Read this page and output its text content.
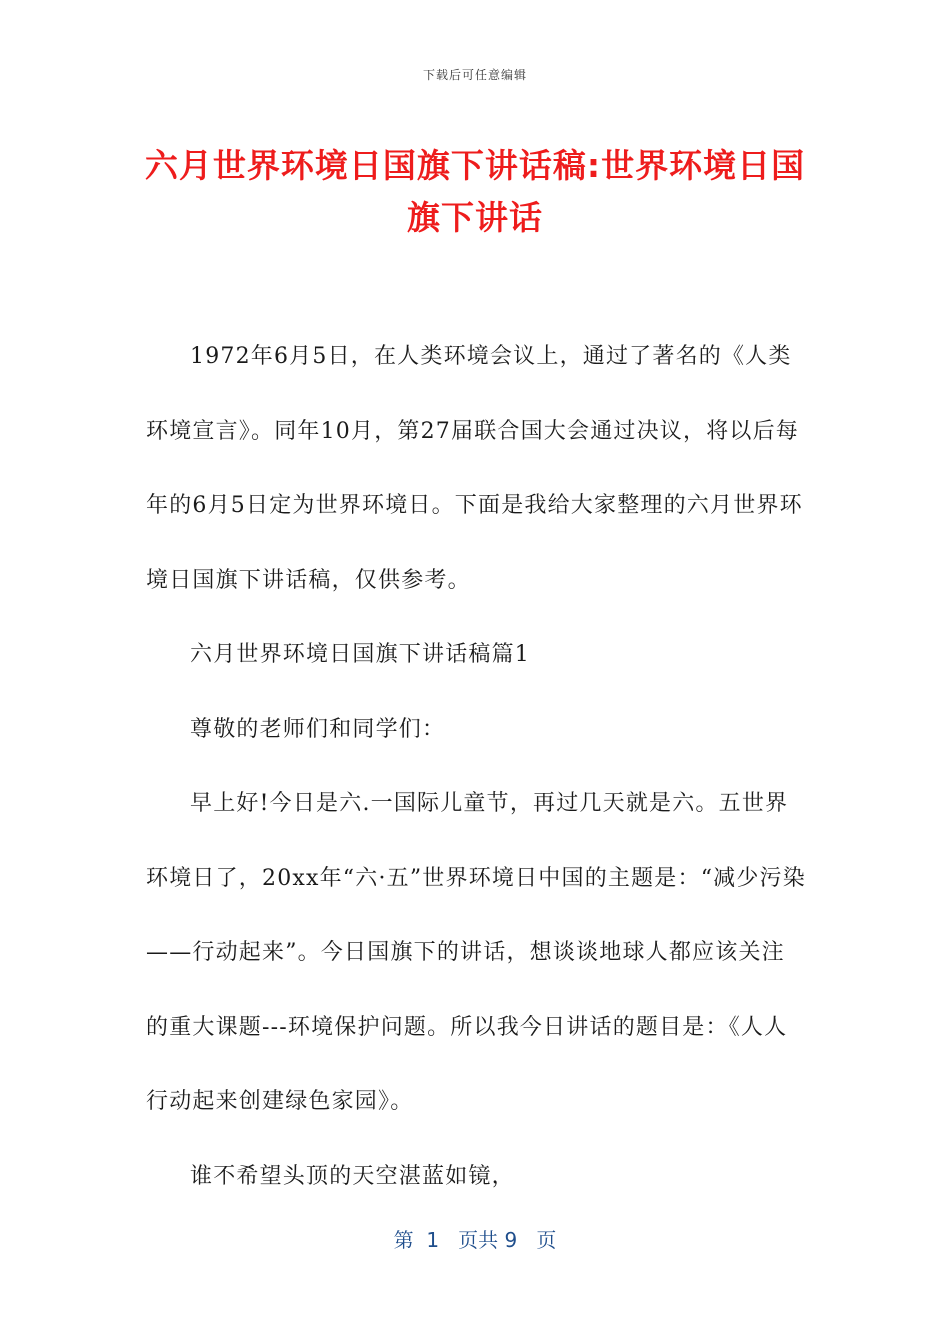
下载后可任意编辑
六月世界环境日国旗下讲话稿:世界环境日国旗下讲话

1972年6月5日，在人类环境会议上，通过了著名的《人类环境宣言》。同年10月，第27届联合国大会通过决议，将以后每年的6月5日定为世界环境日。下面是我给大家整理的六月世界环境日国旗下讲话稿，仅供参考。

六月世界环境日国旗下讲话稿篇1

尊敬的老师们和同学们：

早上好!今日是六.一国际儿童节，再过几天就是六。五世界环境日了，20xx年“六·五”世界环境日中国的主题是：“减少污染——行动起来”。今日国旗下的讲话，想谈谈地球人都应该关注的重大课题---环境保护问题。所以我今日讲话的题目是：《人人行动起来创建绿色家园》。

谁不希望头顶的天空湛蓝如镜，

第  1   页共 9   页
